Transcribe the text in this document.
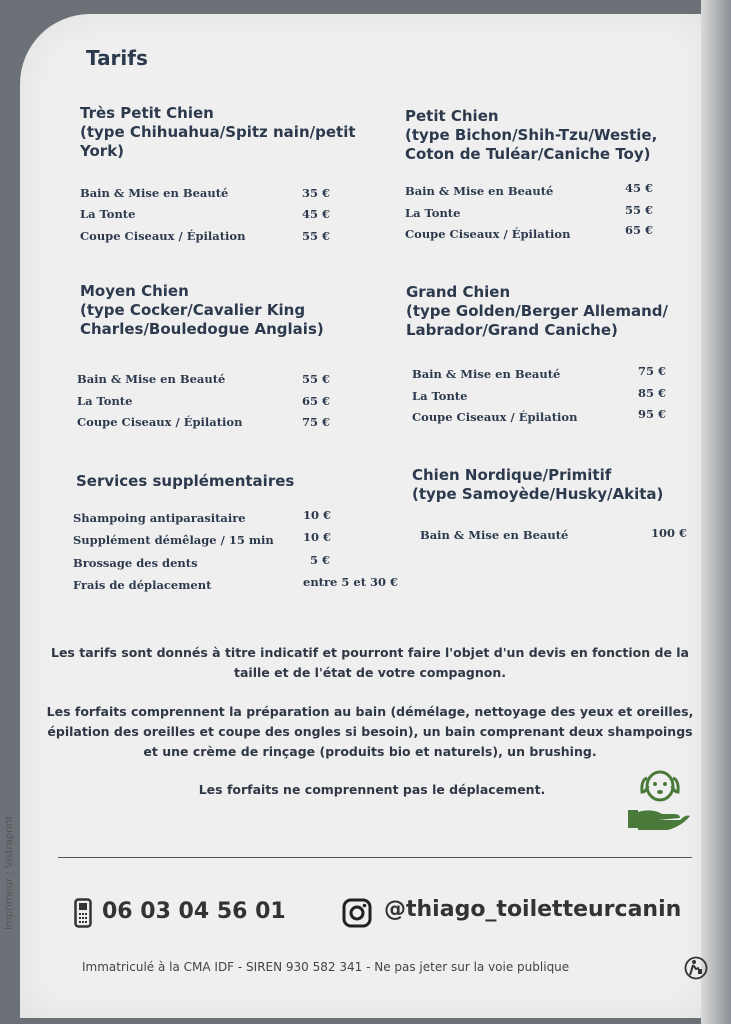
Tarifs
Très Petit Chien
(type Chihuahua/Spitz nain/petit
York)
Bain & Mise en Beauté	35 €
La Tonte	45 €
Coupe Ciseaux / Épilation	55 €
Petit Chien
(type Bichon/Shih-Tzu/Westie,
Coton de Tuléar/Caniche Toy)
Bain & Mise en Beauté	45 €
La Tonte	55 €
Coupe Ciseaux / Épilation	65 €
Moyen Chien
(type Cocker/Cavalier King
Charles/Bouledogue Anglais)
Bain & Mise en Beauté	55 €
La Tonte	65 €
Coupe Ciseaux / Épilation	75 €
Grand Chien
(type Golden/Berger Allemand/
Labrador/Grand Caniche)
Bain & Mise en Beauté	75 €
La Tonte	85 €
Coupe Ciseaux / Épilation	95 €
Services supplémentaires
Shampoing antiparasitaire	10 €
Supplément démêlage / 15 min	10 €
Brossage des dents	5 €
Frais de déplacement	entre 5 et 30 €
Chien Nordique/Primitif
(type Samoyède/Husky/Akita)
Bain & Mise en Beauté	100 €
Les tarifs sont donnés à titre indicatif et pourront faire l'objet d'un devis en fonction de la taille et de l'état de votre compagnon.
Les forfaits comprennent la préparation au bain (démélage, nettoyage des yeux et oreilles, épilation des oreilles et coupe des ongles si besoin), un bain comprenant deux shampoings et une crème de rinçage (produits bio et naturels), un brushing.
Les forfaits ne comprennent pas le déplacement.
06 03 04 56 01	@thiago_toiletteurcanin
Immatriculé à la CMA IDF - SIREN 930 582 341 - Ne pas jeter sur la voie publique
Imprimeur : Vistraprint
